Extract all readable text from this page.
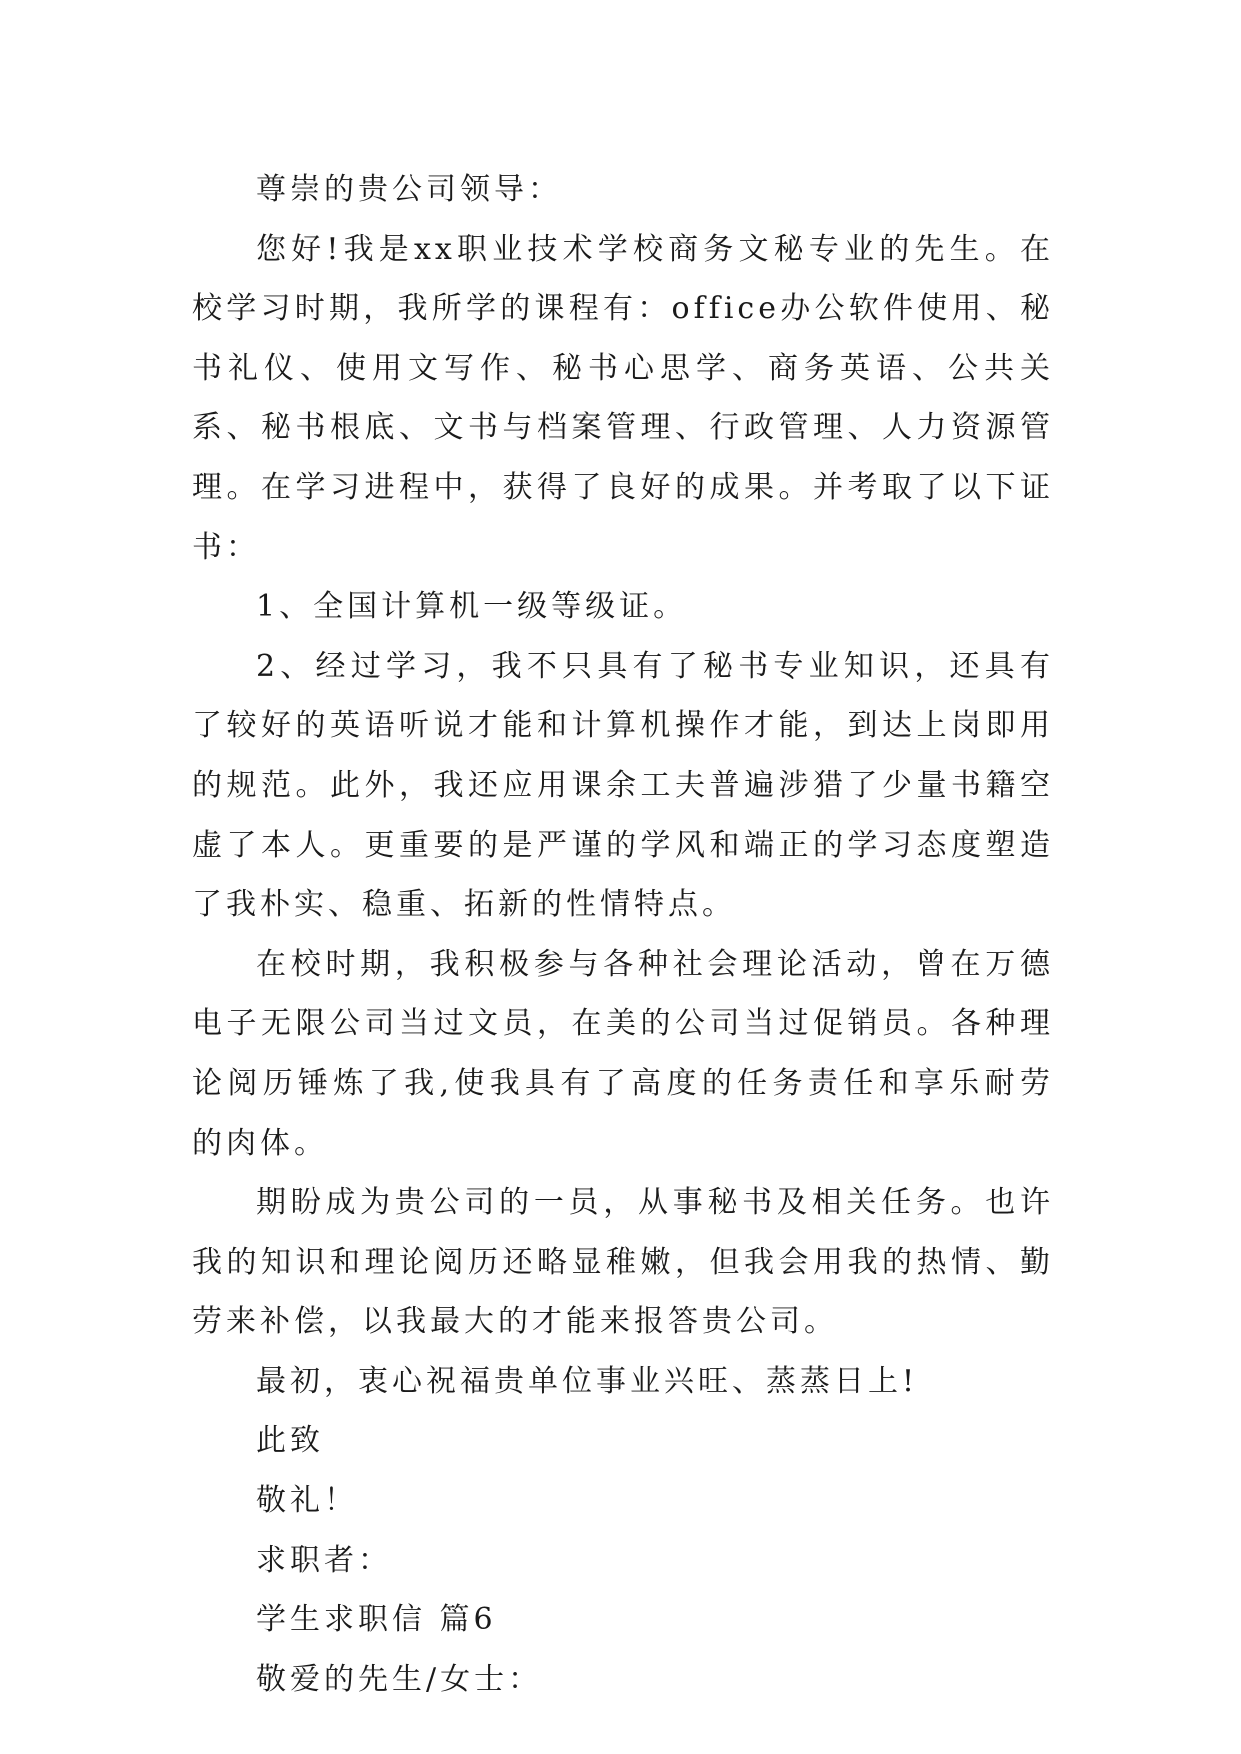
尊崇的贵公司领导：

您好!我是xx职业技术学校商务文秘专业的先生。在校学习时期，我所学的课程有：office办公软件使用、秘书礼仪、使用文写作、秘书心思学、商务英语、公共关系、秘书根底、文书与档案管理、行政管理、人力资源管理。在学习进程中，获得了良好的成果。并考取了以下证书：

1、全国计算机一级等级证。

2、经过学习，我不只具有了秘书专业知识，还具有了较好的英语听说才能和计算机操作才能，到达上岗即用的规范。此外，我还应用课余工夫普遍涉猎了少量书籍空虚了本人。更重要的是严谨的学风和端正的学习态度塑造了我朴实、稳重、拓新的性情特点。

在校时期，我积极参与各种社会理论活动，曾在万德电子无限公司当过文员，在美的公司当过促销员。各种理论阅历锤炼了我,使我具有了高度的任务责任和享乐耐劳的肉体。

期盼成为贵公司的一员，从事秘书及相关任务。也许我的知识和理论阅历还略显稚嫩，但我会用我的热情、勤劳来补偿，以我最大的才能来报答贵公司。

最初，衷心祝福贵单位事业兴旺、蒸蒸日上!

此致

敬礼！

求职者：

学生求职信 篇6

敬爱的先生/女士：
